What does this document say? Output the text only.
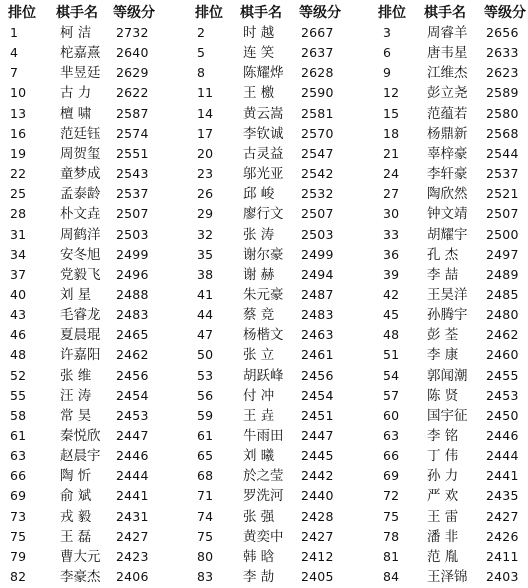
排位 棋手名 等级分	排位 棋手名 等级分	排位 棋手名 等级分
1	柯 洁 2732	2	时 越 2667	3	周睿羊 2656
4	柁嘉熹 2640	5	连 笑 2637	6	唐韦星 2633
7	芈昱廷 2629	8	陈耀烨 2628	9	江维杰 2623
10 古 力 2622	11 王 檄 2590	12 彭立尧 2589
13 檀 啸 2587	14 黄云嵩 2581	15 范蕴若 2580
16 范廷钰 2574	17 李钦诚 2570	18 杨鼎新 2568
19 周贺玺 2551	20 古灵益 2547	21 辜梓豪 2544
22 童梦成 2543	23 邬光亚 2542	24 李轩豪 2537
25 孟泰龄 2537	26 邱 峻 2532	27 陶欣然 2521
28 朴文垚 2507	29 廖行文 2507	30 钟文靖 2507
31 周鹤洋 2503	32 张 涛 2503	33 胡耀宇 2500
34 安冬旭 2499	35 谢尔豪 2499	36 孔 杰 2497
37 党毅飞 2496	38 谢 赫 2494	39 李 喆 2489
40 刘 星 2488	41 朱元豪 2487	42 王昊洋 2485
43 毛睿龙 2483	44 蔡 竞 2483	45 孙腾宇 2480
46 夏晨琨 2465	47 杨楷文 2463	48 彭 荃 2462
48 许嘉阳 2462	50 张 立 2461	51 李 康 2460
52 张 维 2456	53 胡跃峰 2456	54 郭闻潮 2455
55 汪 涛 2454	56 付 冲 2454	57 陈 贤 2453
58 常 昊 2453	59 王 垚 2451	60 国宇征 2450
61 秦悦欣 2447	61 牛雨田 2447	63 李 铭 2446
63 赵晨宇 2446	65 刘 曦 2445	66 丁 伟 2444
66 陶 忻 2444	68 於之莹 2442	69 孙 力 2441
69 俞 斌 2441	71 罗洗河 2440	72 严 欢 2435
73 戎 毅 2431	74 张 强 2428	75 王 雷 2427
75 王 磊 2427	75 黄奕中 2427	78 潘 非 2426
79 曹大元 2423	80 韩 晗 2412	81 范 胤 2411
82 李豪杰 2406	83 李 劼 2405	84 王泽锦 2403
